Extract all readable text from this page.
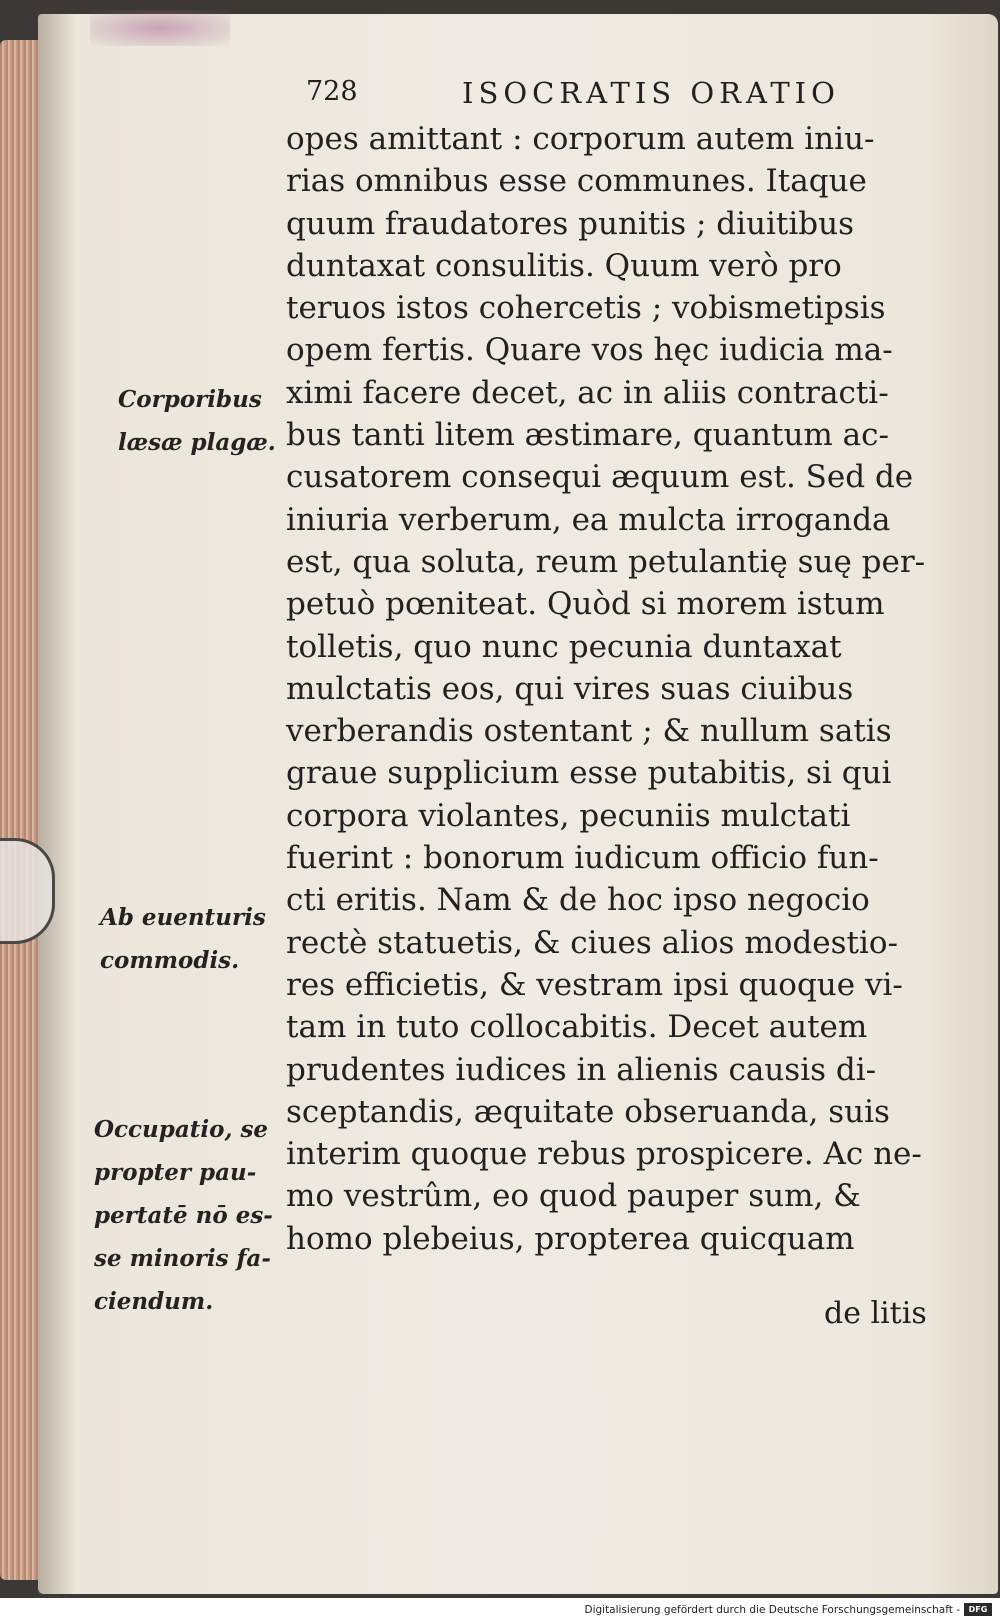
728	ISOCRATIS ORATIO
opes amittant : corporum autem iniu-
rias omnibus esse communes. Itaque
quum fraudatores punitis ; diuitibus
duntaxat consulitis. Quum verò pro
teruos istos cohercetis ; vobismetipsis
opem fertis. Quare vos hęc iudicia ma-
ximi facere decet, ac in aliis contracti-
bus tanti litem æstimare, quantum ac-
cusatorem consequi æquum est. Sed de
iniuria verberum, ea mulcta irroganda
est, qua soluta, reum petulantię suę per-
petuò pœniteat. Quòd si morem istum
tolletis, quo nunc pecunia duntaxat
mulctatis eos, qui vires suas ciuibus
verberandis ostentant ; & nullum satis
graue supplicium esse putabitis, si qui
corpora violantes, pecuniis mulctati
fuerint : bonorum iudicum officio fun-
cti eritis. Nam & de hoc ipso negocio
rectè statuetis, & ciues alios modestio-
res efficietis, & vestram ipsi quoque vi-
tam in tuto collocabitis. Decet autem
prudentes iudices in alienis causis di-
sceptandis, æquitate obseruanda, suis
interim quoque rebus prospicere. Ac ne-
mo vestrûm, eo quod pauper sum, &
homo plebeius, propterea quicquam
de litis
Corporibus
læsæ plagæ.
Ab euenturis
commodis.
Occupatio, se
propter pau-
pertatē nō es-
se minoris fa-
ciendum.
Digitalisierung gefördert durch die Deutsche Forschungsgemeinschaft -	DFG
